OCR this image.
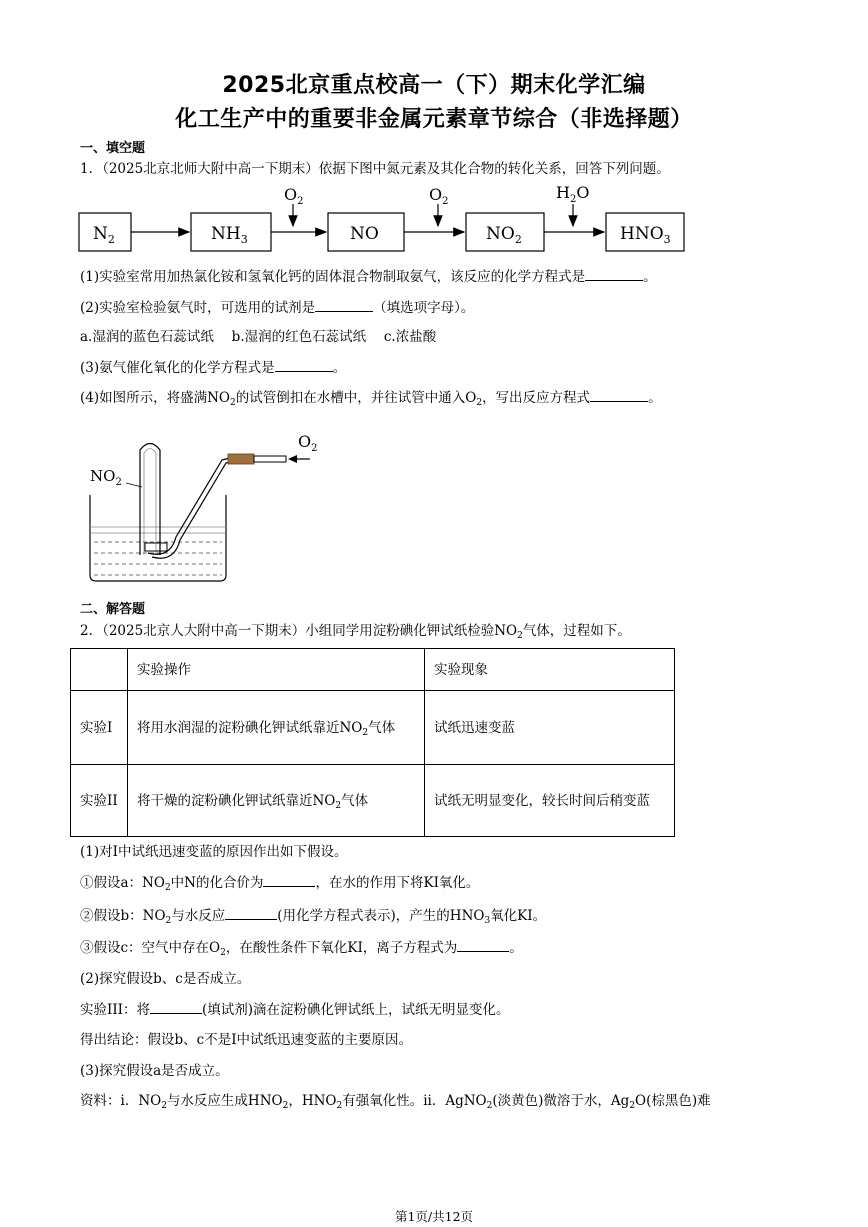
2025北京重点校高一（下）期末化学汇编
化工生产中的重要非金属元素章节综合（非选择题）
一、填空题
1．（2025北京北师大附中高一下期末）依据下图中氮元素及其化合物的转化关系，回答下列问题。
$N_2$	$NH_3$	NO	$NO_2$	$HNO_3$
$O_2$	$O_2$	$H_2O$
(1)实验室常用加热氯化铵和氢氧化钙的固体混合物制取氨气，该反应的化学方程式是	。
(2)实验室检验氨气时，可选用的试剂是	（填选项字母）。
a.湿润的蓝色石蕊试纸　 b.湿润的红色石蕊试纸　 c.浓盐酸
(3)氨气催化氧化的化学方程式是	。
(4)如图所示，将盛满$NO_2$的试管倒扣在水槽中，并往试管中通入$O_2$，写出反应方程式	。
$O_2$
$NO_2$
二、解答题
2．（2025北京人大附中高一下期末）小组同学用淀粉碘化钾试纸检验$NO_2$气体，过程如下。
	实验操作	实验现象
实验I	将用水润湿的淀粉碘化钾试纸靠近$NO_2$气体	试纸迅速变蓝
实验II	将干燥的淀粉碘化钾试纸靠近$NO_2$气体	试纸无明显变化，较长时间后稍变蓝
(1)对I中试纸迅速变蓝的原因作出如下假设。
①假设a：$NO_2$中N的化合价为	，在水的作用下将KI氧化。
②假设b：$NO_2$与水反应	(用化学方程式表示)，产生的$HNO_3$氧化KI。
③假设c：空气中存在$O_2$，在酸性条件下氧化KI，离子方程式为	。
(2)探究假设b、c是否成立。
实验III：将	(填试剂)滴在淀粉碘化钾试纸上，试纸无明显变化。
得出结论：假设b、c不是I中试纸迅速变蓝的主要原因。
(3)探究假设a是否成立。
资料：i．$NO_2$与水反应生成$HNO_2$，$HNO_2$有强氧化性。ii．AgNO$_2$(淡黄色)微溶于水，$Ag_2O$(棕黑色)难
第1页/共12页
